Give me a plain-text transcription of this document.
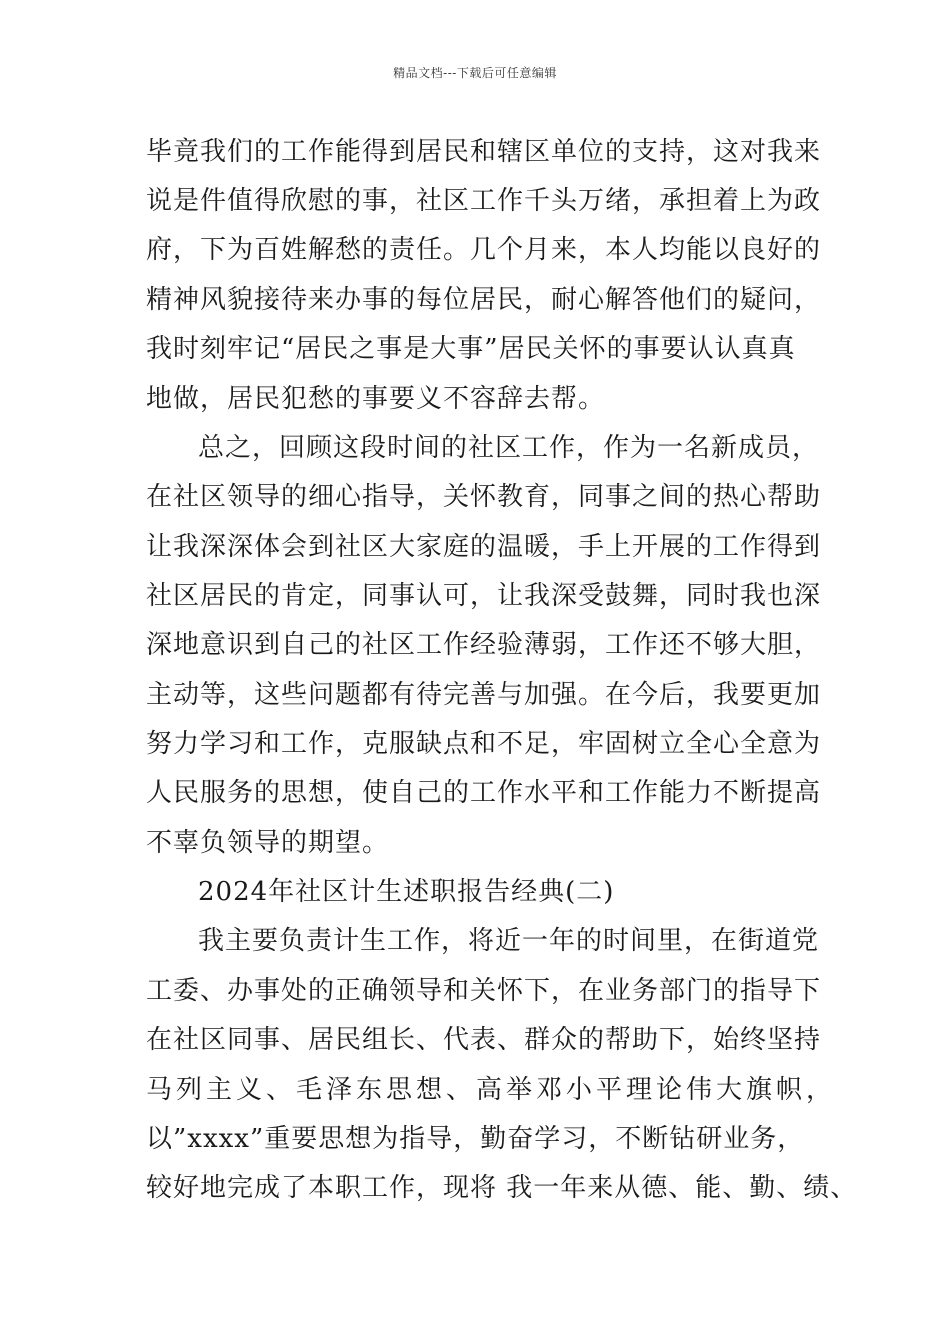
精品文档---下载后可任意编辑
毕竟我们的工作能得到居民和辖区单位的支持，这对我来
说是件值得欣慰的事，社区工作千头万绪，承担着上为政
府，下为百姓解愁的责任。几个月来，本人均能以良好的
精神风貌接待来办事的每位居民，耐心解答他们的疑问，
我时刻牢记“居民之事是大事”居民关怀的事要认认真真
地做，居民犯愁的事要义不容辞去帮。
总之，回顾这段时间的社区工作，作为一名新成员，
在社区领导的细心指导，关怀教育，同事之间的热心帮助
让我深深体会到社区大家庭的温暖，手上开展的工作得到
社区居民的肯定，同事认可，让我深受鼓舞，同时我也深
深地意识到自己的社区工作经验薄弱，工作还不够大胆，
主动等，这些问题都有待完善与加强。在今后，我要更加
努力学习和工作，克服缺点和不足，牢固树立全心全意为
人民服务的思想，使自己的工作水平和工作能力不断提高
不辜负领导的期望。
2024年社区计生述职报告经典(二)
我主要负责计生工作，将近一年的时间里，在街道党
工委、办事处的正确领导和关怀下，在业务部门的指导下
在社区同事、居民组长、代表、群众的帮助下，始终坚持
马列主义、毛泽东思想、高举邓小平理论伟大旗帜，
以”xxxx”重要思想为指导，勤奋学习，不断钻研业务，
较好地完成了本职工作，现将 我一年来从德、能、勤、绩、
